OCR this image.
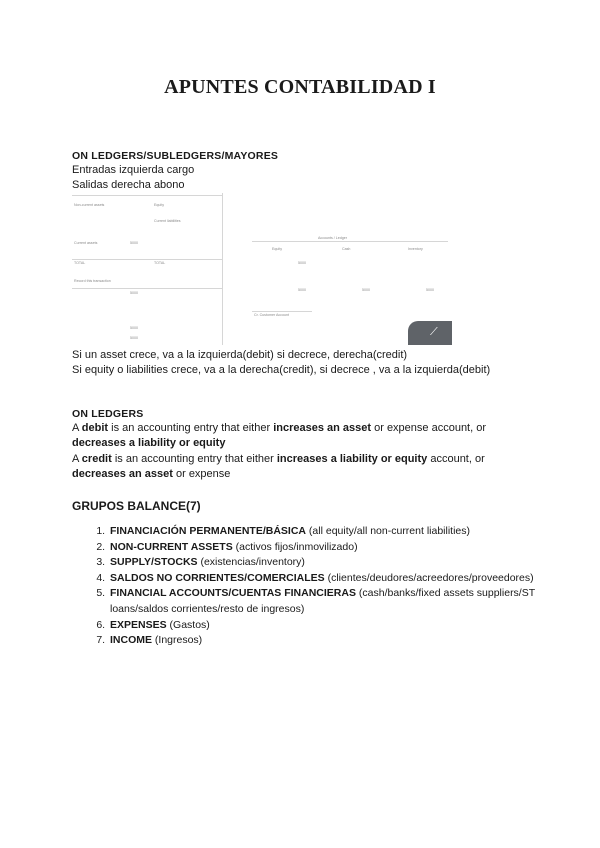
APUNTES CONTABILIDAD I
ON LEDGERS/SUBLEDGERS/MAYORES
Entradas izquierda cargo
Salidas derecha abono
Non-current assets	Equity
Current liabilities
Current assets	5000
TOTAL	TOTAL
Record this transaction
5000
5000
5000
Accounts / Ledger
Equity	Cash	Inventory
5000
5000	5000	5000
Cr. Customer Account
⟋
Si un asset crece, va a la izquierda(debit) si decrece, derecha(credit)
Si equity o liabilities crece, va a la derecha(credit), si decrece , va a la izquierda(debit)
ON LEDGERS
A debit is an accounting entry that either increases an asset or expense account, or
decreases a liability or equity
A credit is an accounting entry that either increases a liability or equity account, or
decreases an asset or expense
GRUPOS BALANCE(7)
1. FINANCIACIÓN PERMANENTE/BÁSICA (all equity/all non-current liabilities)
2. NON-CURRENT ASSETS (activos fijos/inmovilizado)
3. SUPPLY/STOCKS (existencias/inventory)
4. SALDOS NO CORRIENTES/COMERCIALES (clientes/deudores/acreedores/proveedores)
5. FINANCIAL ACCOUNTS/CUENTAS FINANCIERAS (cash/banks/fixed assets suppliers/ST loans/saldos corrientes/resto de ingresos)
6. EXPENSES (Gastos)
7. INCOME (Ingresos)
